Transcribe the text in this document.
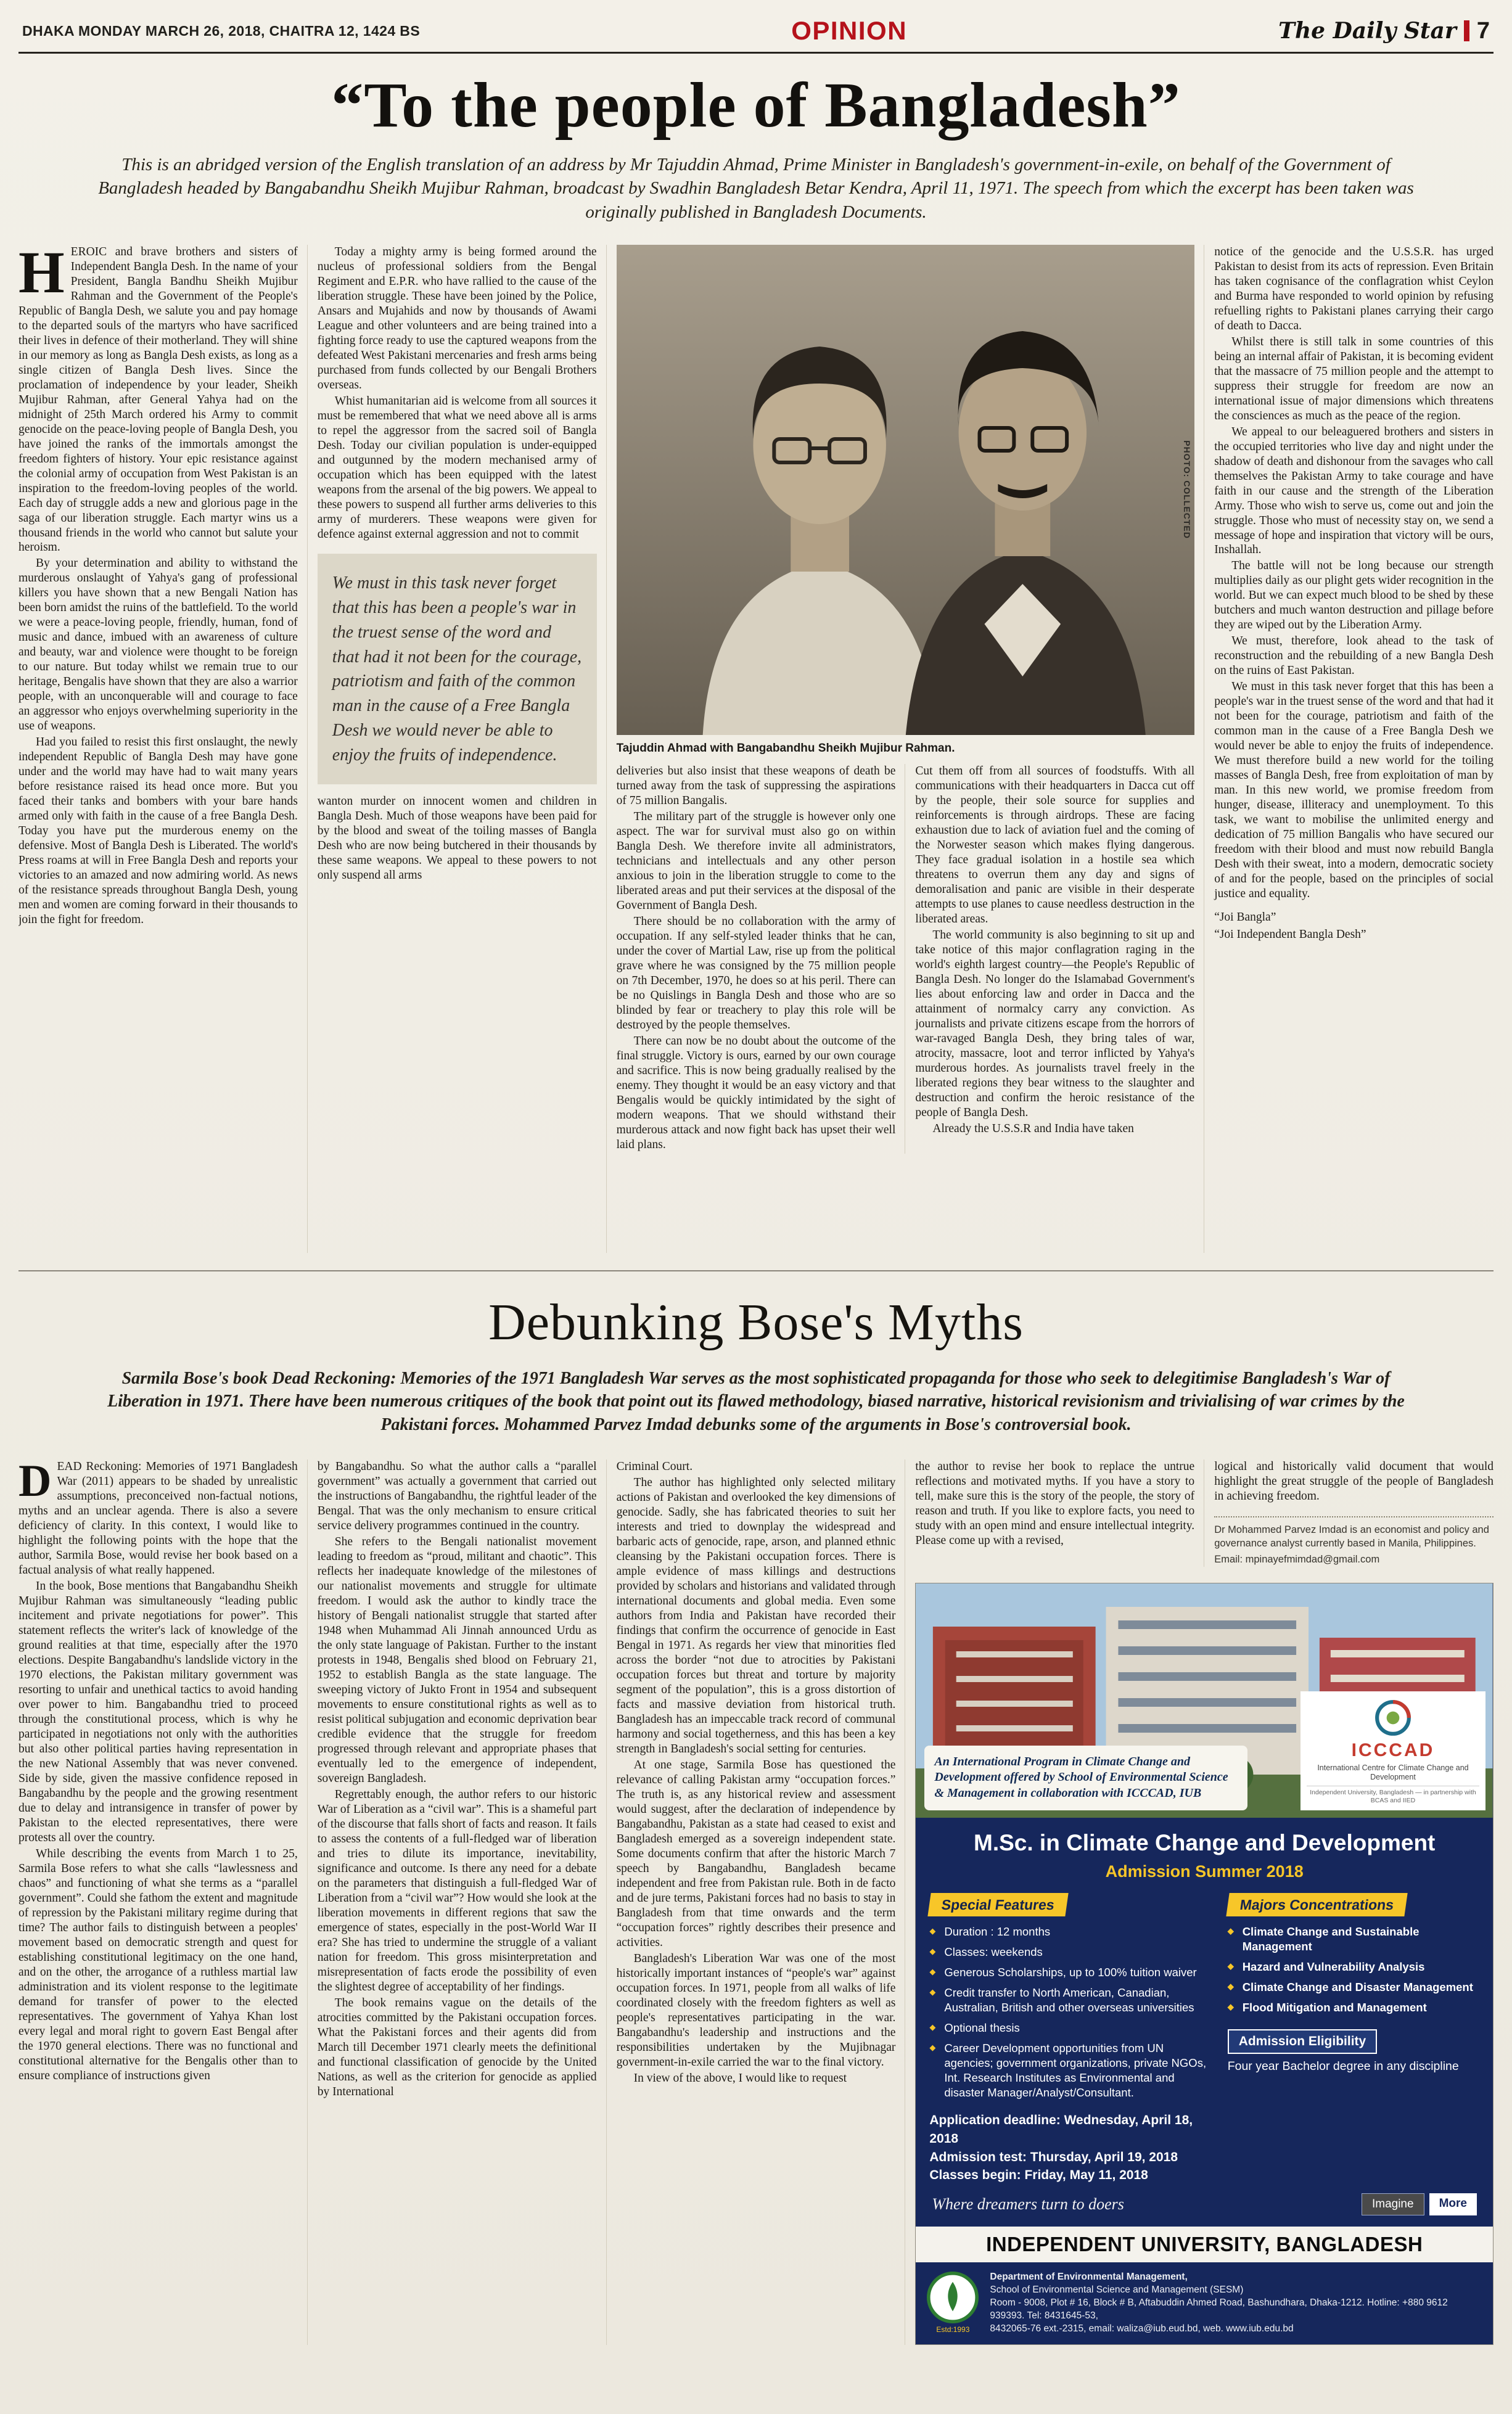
DHAKA MONDAY MARCH 26, 2018, CHAITRA 12, 1424 BS	OPINION	The Daily Star 7
“To the people of Bangladesh”

This is an abridged version of the English translation of an address by Mr Tajuddin Ahmad, Prime Minister in Bangladesh's government-in-exile, on behalf of the Government of Bangladesh headed by Bangabandhu Sheikh Mujibur Rahman, broadcast by Swadhin Bangladesh Betar Kendra, April 11, 1971. The speech from which the excerpt has been taken was originally published in Bangladesh Documents.

HEROIC and brave brothers and sisters of Independent Bangla Desh. In the name of your President, Bangla Bandhu Sheikh Mujibur Rahman and the Government of the People's Republic of Bangla Desh, we salute you and pay homage to the departed souls of the martyrs who have sacrificed their lives in defence of their motherland. They will shine in our memory as long as Bangla Desh exists, as long as a single citizen of Bangla Desh lives. Since the proclamation of independence by your leader, Sheikh Mujibur Rahman, after General Yahya had on the midnight of 25th March ordered his Army to commit genocide on the peace-loving people of Bangla Desh, you have joined the ranks of the immortals amongst the freedom fighters of history. Your epic resistance against the colonial army of occupation from West Pakistan is an inspiration to the freedom-loving peoples of the world. Each day of struggle adds a new and glorious page in the saga of our liberation struggle. Each martyr wins us a thousand friends in the world who cannot but salute your heroism.

By your determination and ability to withstand the murderous onslaught of Yahya's gang of professional killers you have shown that a new Bengali Nation has been born amidst the ruins of the battlefield. To the world we were a peace-loving people, friendly, human, fond of music and dance, imbued with an awareness of culture and beauty, war and violence were thought to be foreign to our nature. But today whilst we remain true to our heritage, Bengalis have shown that they are also a warrior people, with an unconquerable will and courage to face an aggressor who enjoys overwhelming superiority in the use of weapons.

Had you failed to resist this first onslaught, the newly independent Republic of Bangla Desh may have gone under and the world may have had to wait many years before resistance raised its head once more. But you faced their tanks and bombers with your bare hands armed only with faith in the cause of a free Bangla Desh. Today you have put the murderous enemy on the defensive. Most of Bangla Desh is Liberated. The world's Press roams at will in Free Bangla Desh and reports your victories to an amazed and now admiring world. As news of the resistance spreads throughout Bangla Desh, young men and women are coming forward in their thousands to join the fight for freedom.

Today a mighty army is being formed around the nucleus of professional soldiers from the Bengal Regiment and E.P.R. who have rallied to the cause of the liberation struggle. These have been joined by the Police, Ansars and Mujahids and now by thousands of Awami League and other volunteers and are being trained into a fighting force ready to use the captured weapons from the defeated West Pakistani mercenaries and fresh arms being purchased from funds collected by our Bengali Brothers overseas.

Whist humanitarian aid is welcome from all sources it must be remembered that what we need above all is arms to repel the aggressor from the sacred soil of Bangla Desh. Today our civilian population is under-equipped and outgunned by the modern mechanised army of occupation which has been equipped with the latest weapons from the arsenal of the big powers. We appeal to these powers to suspend all further arms deliveries to this army of murderers. These weapons were given for defence against external aggression and not to commit

We must in this task never forget that this has been a people's war in the truest sense of the word and that had it not been for the courage, patriotism and faith of the common man in the cause of a Free Bangla Desh we would never be able to enjoy the fruits of independence.

wanton murder on innocent women and children in Bangla Desh. Much of those weapons have been paid for by the blood and sweat of the toiling masses of Bangla Desh who are now being butchered in their thousands by these same weapons. We appeal to these powers to not only suspend all arms

PHOTO: COLLECTED
Tajuddin Ahmad with Bangabandhu Sheikh Mujibur Rahman.

deliveries but also insist that these weapons of death be turned away from the task of suppressing the aspirations of 75 million Bangalis.

The military part of the struggle is however only one aspect. The war for survival must also go on within Bangla Desh. We therefore invite all administrators, technicians and intellectuals and any other person anxious to join in the liberation struggle to come to the liberated areas and put their services at the disposal of the Government of Bangla Desh.

There should be no collaboration with the army of occupation. If any self-styled leader thinks that he can, under the cover of Martial Law, rise up from the political grave where he was consigned by the 75 million people on 7th December, 1970, he does so at his peril. There can be no Quislings in Bangla Desh and those who are so blinded by fear or treachery to play this role will be destroyed by the people themselves.

There can now be no doubt about the outcome of the final struggle. Victory is ours, earned by our own courage and sacrifice. This is now being gradually realised by the enemy. They thought it would be an easy victory and that Bengalis would be quickly intimidated by the sight of modern weapons. That we should withstand their murderous attack and now fight back has upset their well laid plans.

Cut them off from all sources of foodstuffs. With all communications with their headquarters in Dacca cut off by the people, their sole source for supplies and reinforcements is through airdrops. These are facing exhaustion due to lack of aviation fuel and the coming of the Norwester season which makes flying dangerous. They face gradual isolation in a hostile sea which threatens to overrun them any day and signs of demoralisation and panic are visible in their desperate attempts to use planes to cause needless destruction in the liberated areas.

The world community is also beginning to sit up and take notice of this major conflagration raging in the world's eighth largest country—the People's Republic of Bangla Desh. No longer do the Islamabad Government's lies about enforcing law and order in Dacca and the attainment of normalcy carry any conviction. As journalists and private citizens escape from the horrors of war-ravaged Bangla Desh, they bring tales of war, atrocity, massacre, loot and terror inflicted by Yahya's murderous hordes. As journalists travel freely in the liberated regions they bear witness to the slaughter and destruction and confirm the heroic resistance of the people of Bangla Desh.

Already the U.S.S.R and India have taken

notice of the genocide and the U.S.S.R. has urged Pakistan to desist from its acts of repression. Even Britain has taken cognisance of the conflagration whist Ceylon and Burma have responded to world opinion by refusing refuelling rights to Pakistani planes carrying their cargo of death to Dacca.

Whilst there is still talk in some countries of this being an internal affair of Pakistan, it is becoming evident that the massacre of 75 million people and the attempt to suppress their struggle for freedom are now an international issue of major dimensions which threatens the consciences as much as the peace of the region.

We appeal to our beleaguered brothers and sisters in the occupied territories who live day and night under the shadow of death and dishonour from the savages who call themselves the Pakistan Army to take courage and have faith in our cause and the strength of the Liberation Army. Those who wish to serve us, come out and join the struggle. Those who must of necessity stay on, we send a message of hope and inspiration that victory will be ours, Inshallah.

The battle will not be long because our strength multiplies daily as our plight gets wider recognition in the world. But we can expect much blood to be shed by these butchers and much wanton destruction and pillage before they are wiped out by the Liberation Army.

We must, therefore, look ahead to the task of reconstruction and the rebuilding of a new Bangla Desh on the ruins of East Pakistan.

We must in this task never forget that this has been a people's war in the truest sense of the word and that had it not been for the courage, patriotism and faith of the common man in the cause of a Free Bangla Desh we would never be able to enjoy the fruits of independence. We must therefore build a new world for the toiling masses of Bangla Desh, free from exploitation of man by man. In this new world, we promise freedom from hunger, disease, illiteracy and unemployment. To this task, we want to mobilise the unlimited energy and dedication of 75 million Bangalis who have secured our freedom with their blood and must now rebuild Bangla Desh with their sweat, into a modern, democratic society of and for the people, based on the principles of social justice and equality.

“Joi Bangla”

“Joi Independent Bangla Desh”

Debunking Bose's Myths

Sarmila Bose's book Dead Reckoning: Memories of the 1971 Bangladesh War serves as the most sophisticated propaganda for those who seek to delegitimise Bangladesh's War of Liberation in 1971. There have been numerous critiques of the book that point out its flawed methodology, biased narrative, historical revisionism and trivialising of war crimes by the Pakistani forces. Mohammed Parvez Imdad debunks some of the arguments in Bose's controversial book.

DEAD Reckoning: Memories of 1971 Bangladesh War (2011) appears to be shaded by unrealistic assumptions, preconceived non-factual notions, myths and an unclear agenda. There is also a severe deficiency of clarity. In this context, I would like to highlight the following points with the hope that the author, Sarmila Bose, would revise her book based on a factual analysis of what really happened.

In the book, Bose mentions that Bangabandhu Sheikh Mujibur Rahman was simultaneously “leading public incitement and private negotiations for power”. This statement reflects the writer's lack of knowledge of the ground realities at that time, especially after the 1970 elections. Despite Bangabandhu's landslide victory in the 1970 elections, the Pakistan military government was resorting to unfair and unethical tactics to avoid handing over power to him. Bangabandhu tried to proceed through the constitutional process, which is why he participated in negotiations not only with the authorities but also other political parties having representation in the new National Assembly that was never convened. Side by side, given the massive confidence reposed in Bangabandhu by the people and the growing resentment due to delay and intransigence in transfer of power by Pakistan to the elected representatives, there were protests all over the country.

While describing the events from March 1 to 25, Sarmila Bose refers to what she calls “lawlessness and chaos” and functioning of what she terms as a “parallel government”. Could she fathom the extent and magnitude of repression by the Pakistani military regime during that time? The author fails to distinguish between a peoples' movement based on democratic strength and quest for establishing constitutional legitimacy on the one hand, and on the other, the arrogance of a ruthless martial law administration and its violent response to the legitimate demand for transfer of power to the elected representatives. The government of Yahya Khan lost every legal and moral right to govern East Bengal after the 1970 general elections. There was no functional and constitutional alternative for the Bengalis other than to ensure compliance of instructions given

by Bangabandhu. So what the author calls a “parallel government” was actually a government that carried out the instructions of Bangabandhu, the rightful leader of the Bengal. That was the only mechanism to ensure critical service delivery programmes continued in the country.

She refers to the Bengali nationalist movement leading to freedom as “proud, militant and chaotic”. This reflects her inadequate knowledge of the milestones of our nationalist movements and struggle for ultimate freedom. I would ask the author to kindly trace the history of Bengali nationalist struggle that started after 1948 when Muhammad Ali Jinnah announced Urdu as the only state language of Pakistan. Further to the instant protests in 1948, Bengalis shed blood on February 21, 1952 to establish Bangla as the state language. The sweeping victory of Jukto Front in 1954 and subsequent movements to ensure constitutional rights as well as to resist political subjugation and economic deprivation bear credible evidence that the struggle for freedom progressed through relevant and appropriate phases that eventually led to the emergence of independent, sovereign Bangladesh.

Regrettably enough, the author refers to our historic War of Liberation as a “civil war”. This is a shameful part of the discourse that falls short of facts and reason. It fails to assess the contents of a full-fledged war of liberation and tries to dilute its importance, inevitability, significance and outcome. Is there any need for a debate on the parameters that distinguish a full-fledged War of Liberation from a “civil war”? How would she look at the liberation movements in different regions that saw the emergence of states, especially in the post-World War II era? She has tried to undermine the struggle of a valiant nation for freedom. This gross misinterpretation and misrepresentation of facts erode the possibility of even the slightest degree of acceptability of her findings.

The book remains vague on the details of the atrocities committed by the Pakistani occupation forces. What the Pakistani forces and their agents did from March till December 1971 clearly meets the definitional and functional classification of genocide by the United Nations, as well as the criterion for genocide as applied by International

Criminal Court.

The author has highlighted only selected military actions of Pakistan and overlooked the key dimensions of genocide. Sadly, she has fabricated theories to suit her interests and tried to downplay the widespread and barbaric acts of genocide, rape, arson, and planned ethnic cleansing by the Pakistani occupation forces. There is ample evidence of mass killings and destructions provided by scholars and historians and validated through international documents and global media. Even some authors from India and Pakistan have recorded their findings that confirm the occurrence of genocide in East Bengal in 1971. As regards her view that minorities fled across the border “not due to atrocities by Pakistani occupation forces but threat and torture by majority segment of the population”, this is a gross distortion of facts and massive deviation from historical truth. Bangladesh has an impeccable track record of communal harmony and social togetherness, and this has been a key strength in Bangladesh's social setting for centuries.

At one stage, Sarmila Bose has questioned the relevance of calling Pakistan army “occupation forces.” The truth is, as any historical review and assessment would suggest, after the declaration of independence by Bangabandhu, Pakistan as a state had ceased to exist and Bangladesh emerged as a sovereign independent state. Some documents confirm that after the historic March 7 speech by Bangabandhu, Bangladesh became independent and free from Pakistan rule. Both in de facto and de jure terms, Pakistani forces had no basis to stay in Bangladesh from that time onwards and the term “occupation forces” rightly describes their presence and activities.

Bangladesh's Liberation War was one of the most historically important instances of “people's war” against occupation forces. In 1971, people from all walks of life coordinated closely with the freedom fighters as well as people's representatives participating in the war. Bangabandhu's leadership and instructions and the responsibilities undertaken by the Mujibnagar government-in-exile carried the war to the final victory.

In view of the above, I would like to request

the author to revise her book to replace the untrue reflections and motivated myths. If you have a story to tell, make sure this is the story of the people, the story of reason and truth. If you like to explore facts, you need to study with an open mind and ensure intellectual integrity. Please come up with a revised,

logical and historically valid document that would highlight the great struggle of the people of Bangladesh in achieving freedom.

Dr Mohammed Parvez Imdad is an economist and policy and governance analyst currently based in Manila, Philippines.

Email: mpinayefmimdad@gmail.com

An International Program in Climate Change and Development offered by School of Environmental Science & Management in collaboration with ICCCAD, IUB
ICCCAD
International Centre for Climate Change and Development
Independent University, Bangladesh — in partnership with BCAS and IIED
M.Sc. in Climate Change and Development
Admission Summer 2018
Special Features
◆ Duration : 12 months
◆ Classes: weekends
◆ Generous Scholarships, up to 100% tuition waiver
◆ Credit transfer to North American, Canadian, Australian, British and other overseas universities
◆ Optional thesis
◆ Career Development opportunities from UN agencies; government organizations, private NGOs, Int. Research Institutes as Environmental and disaster Manager/Analyst/Consultant.
Application deadline: Wednesday, April 18, 2018
Admission test: Thursday, April 19, 2018
Classes begin: Friday, May 11, 2018
Majors Concentrations
◆ Climate Change and Sustainable Management
◆ Hazard and Vulnerability Analysis
◆ Climate Change and Disaster Management
◆ Flood Mitigation and Management
Admission Eligibility
Four year Bachelor degree in any discipline
Where dreamers turn to doers	Imagine	More
INDEPENDENT UNIVERSITY, BANGLADESH
Estd:1993
Department of Environmental Management,
School of Environmental Science and Management (SESM)
Room - 9008, Plot # 16, Block # B, Aftabuddin Ahmed Road, Bashundhara, Dhaka-1212. Hotline: +880 9612 939393. Tel: 8431645-53,
8432065-76 ext.-2315, email: waliza@iub.eud.bd, web. www.iub.edu.bd
